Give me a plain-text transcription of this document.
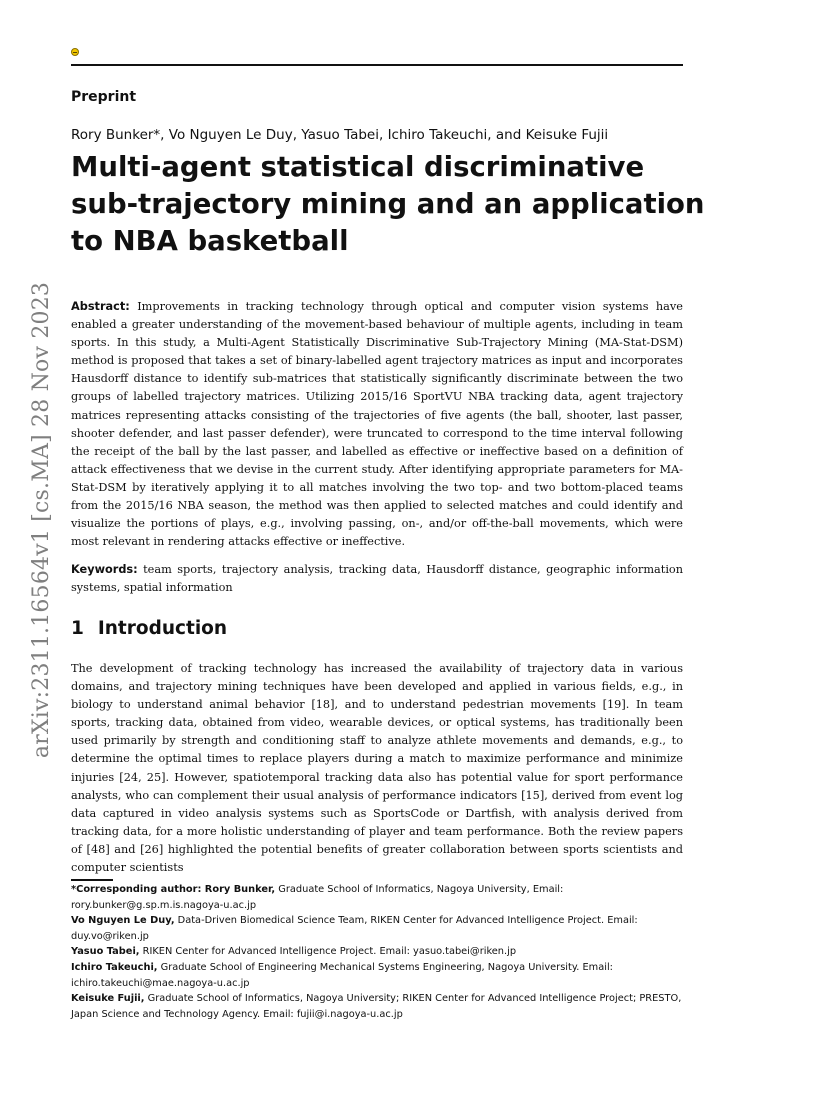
Preprint
Rory Bunker*, Vo Nguyen Le Duy, Yasuo Tabei, Ichiro Takeuchi, and Keisuke Fujii
Multi-agent statistical discriminative sub-trajectory mining and an application to NBA basketball
arXiv:2311.16564v1 [cs.MA] 28 Nov 2023 Abstract: Improvements in tracking technology through optical and computer vision systems have enabled a greater understanding of the movement-based behaviour of multiple agents, including in team sports. In this study, a Multi-Agent Statistically Discriminative Sub-Trajectory Mining (MA-Stat-DSM) method is proposed that takes a set of binary-labelled agent trajectory matrices as input and incorporates Hausdorff distance to identify sub-matrices that statistically significantly discriminate between the two groups of labelled trajectory matrices. Utilizing 2015/16 SportVU NBA tracking data, agent trajectory matrices representing attacks consisting of the trajectories of five agents (the ball, shooter, last passer, shooter defender, and last passer defender), were truncated to correspond to the time interval following the receipt of the ball by the last passer, and labelled as effective or ineffective based on a definition of attack effectiveness that we devise in the current study. After identifying appropriate parameters for MA-Stat-DSM by iteratively applying it to all matches involving the two top- and two bottom-placed teams from the 2015/16 NBA season, the method was then applied to selected matches and could identify and visualize the portions of plays, e.g., involving passing, on-, and/or off-the-ball movements, which were most relevant in rendering attacks effective or ineffective.

Keywords: team sports, trajectory analysis, tracking data, Hausdorff distance, geographic information systems, spatial information

1 Introduction

The development of tracking technology has increased the availability of trajectory data in various domains, and trajectory mining techniques have been developed and applied in various fields, e.g., in biology to understand animal behavior [18], and to understand pedestrian movements [19]. In team sports, tracking data, obtained from video, wearable devices, or optical systems, has traditionally been used primarily by strength and conditioning staff to analyze athlete movements and demands, e.g., to determine the optimal times to replace players during a match to maximize performance and minimize injuries [24, 25]. However, spatiotemporal tracking data also has potential value for sport performance analysts, who can complement their usual analysis of performance indicators [15], derived from event log data captured in video analysis systems such as SportsCode or Dartfish, with analysis derived from tracking data, for a more holistic understanding of player and team performance. Both the review papers of [48] and [26] highlighted the potential benefits of greater collaboration between sports scientists and computer scientists

*Corresponding author: Rory Bunker, Graduate School of Informatics, Nagoya University, Email: rory.bunker@g.sp.m.is.nagoya-u.ac.jp

Vo Nguyen Le Duy, Data-Driven Biomedical Science Team, RIKEN Center for Advanced Intelligence Project. Email: duy.vo@riken.jp

Yasuo Tabei, RIKEN Center for Advanced Intelligence Project. Email: yasuo.tabei@riken.jp

Ichiro Takeuchi, Graduate School of Engineering Mechanical Systems Engineering, Nagoya University. Email: ichiro.takeuchi@mae.nagoya-u.ac.jp

Keisuke Fujii, Graduate School of Informatics, Nagoya University; RIKEN Center for Advanced Intelligence Project; PRESTO, Japan Science and Technology Agency. Email: fujii@i.nagoya-u.ac.jp
